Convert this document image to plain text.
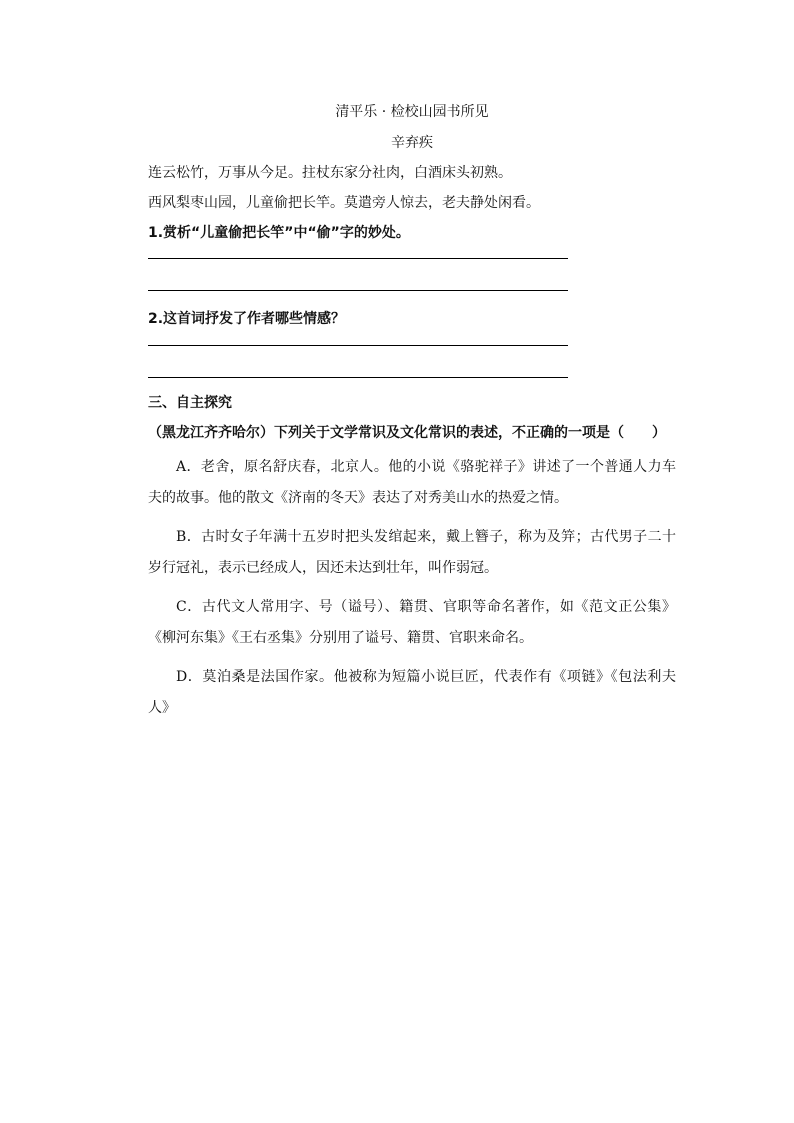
清平乐 · 检校山园书所见
辛弃疾
连云松竹，万事从今足。拄杖东家分社肉，白酒床头初熟。
西风梨枣山园，儿童偷把长竿。莫遣旁人惊去，老夫静处闲看。
1.赏析“儿童偷把长竿”中“偷”字的妙处。
2.这首词抒发了作者哪些情感？
三、自主探究
（黑龙江齐齐哈尔）下列关于文学常识及文化常识的表述，不正确的一项是（　　）
A．老舍，原名舒庆春，北京人。他的小说《骆驼祥子》讲述了一个普通人力车夫的故事。他的散文《济南的冬天》表达了对秀美山水的热爱之情。
B．古时女子年满十五岁时把头发绾起来，戴上簪子，称为及笄；古代男子二十岁行冠礼，表示已经成人，因还未达到壮年，叫作弱冠。
C．古代文人常用字、号（谥号）、籍贯、官职等命名著作，如《范文正公集》《柳河东集》《王右丞集》分别用了谥号、籍贯、官职来命名。
D．莫泊桑是法国作家。他被称为短篇小说巨匠，代表作有《项链》《包法利夫人》
